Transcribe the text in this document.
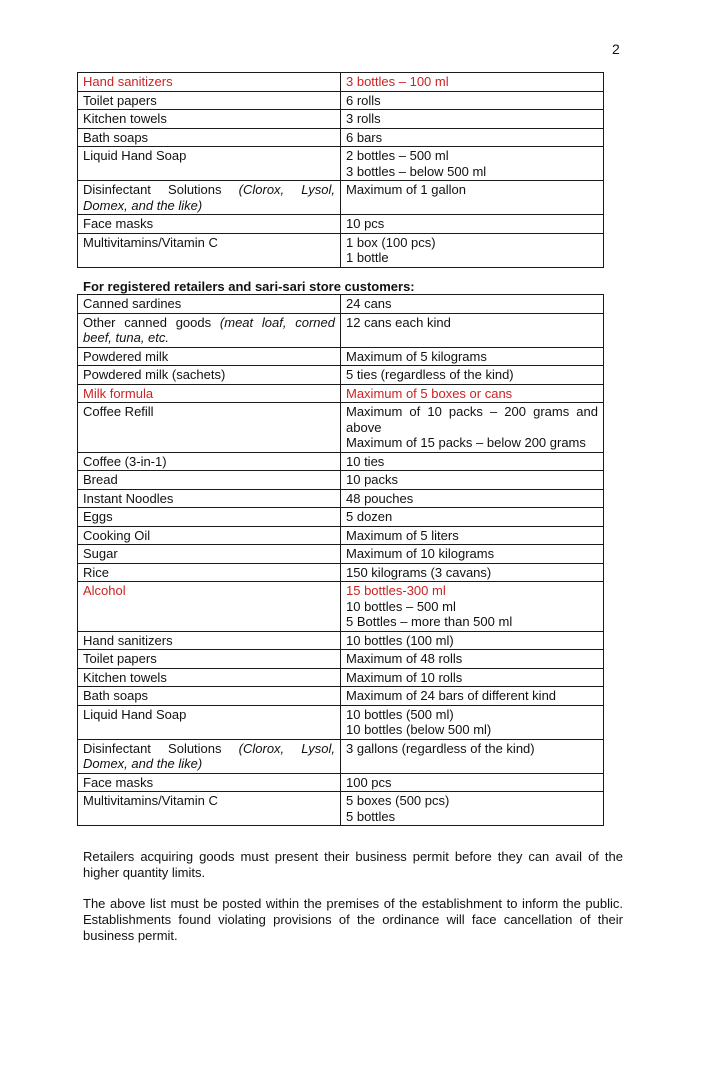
2
Hand sanitizers	3 bottles – 100 ml

Toilet papers	6 rolls

Kitchen towels	3 rolls

Bath soaps	6 bars

Liquid Hand Soap	2 bottles – 500 ml
3 bottles – below 500 ml

Disinfectant Solutions (Clorox, Lysol, Domex, and the like)	Maximum of 1 gallon

Face masks	10 pcs

Multivitamins/Vitamin C	1 box (100 pcs)
1 bottle
For registered retailers and sari-sari store customers:
Canned sardines	24 cans

Other canned goods (meat loaf, corned beef, tuna, etc.	12 cans each kind

Powdered milk	Maximum of 5 kilograms

Powdered milk (sachets)	5 ties (regardless of the kind)

Milk formula	Maximum of 5 boxes or cans

Coffee Refill	Maximum of 10 packs – 200 grams and above
Maximum of 15 packs – below 200 grams

Coffee (3-in-1)	10 ties

Bread	10 packs

Instant Noodles	48 pouches

Eggs	5 dozen

Cooking Oil	Maximum of 5 liters

Sugar	Maximum of 10 kilograms

Rice	150 kilograms (3 cavans)

Alcohol	15 bottles-300 ml
10 bottles – 500 ml
5 Bottles – more than 500 ml

Hand sanitizers	10 bottles (100 ml)

Toilet papers	Maximum of 48 rolls

Kitchen towels	Maximum of 10 rolls

Bath soaps	Maximum of 24 bars of different kind

Liquid Hand Soap	10 bottles (500 ml)
10 bottles (below 500 ml)

Disinfectant Solutions (Clorox, Lysol, Domex, and the like)	3 gallons (regardless of the kind)

Face masks	100 pcs

Multivitamins/Vitamin C	5 boxes (500 pcs)
5 bottles
Retailers acquiring goods must present their business permit before they can avail of the higher quantity limits.
The above list must be posted within the premises of the establishment to inform the public. Establishments found violating provisions of the ordinance will face cancellation of their business permit.
